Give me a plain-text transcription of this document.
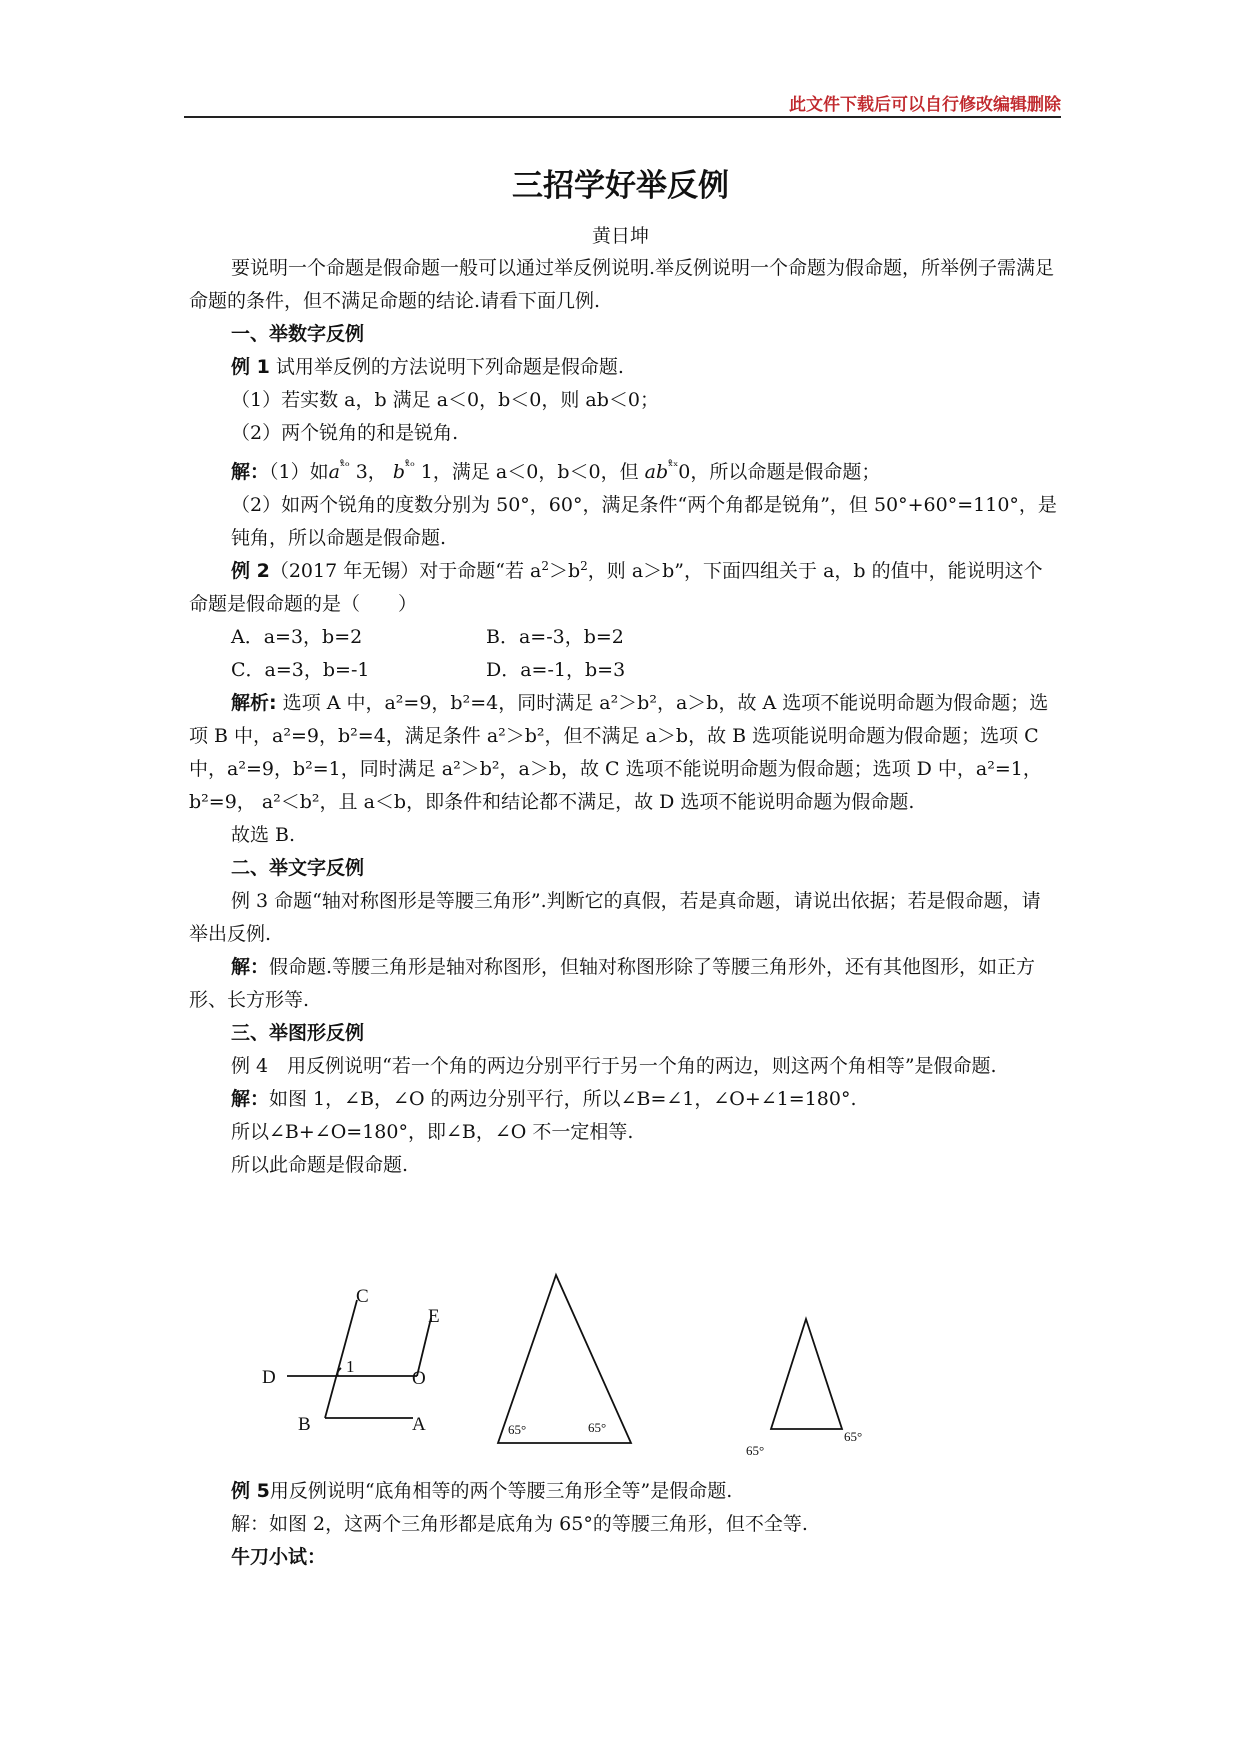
此文件下载后可以自行修改编辑删除
三招学好举反例
黄日坤

要说明一个命题是假命题一般可以通过举反例说明.举反例说明一个命题为假命题，所举例子需满足命题的条件，但不满足命题的结论.请看下面几例.

一、举数字反例

例 1 试用举反例的方法说明下列命题是假命题.

（1）若实数 a，b 满足 a＜0，b＜0，则 ab＜0；

（2）两个锐角的和是锐角.

解：（1）如$a^{ˣ̊ᵒ}$ 3， $b^{ˣ̊ᵒ}$ 1，满足 a＜0，b＜0，但 $ab^{ˣ̊ˣ}0$，所以命题是假命题；

（2）如两个锐角的度数分别为 50°，60°，满足条件“两个角都是锐角”，但 50°+60°=110°，是钝角，所以命题是假命题.

例 2（2017 年无锡）对于命题“若 $a^2>b^2$，则 a＞b”，下面四组关于 a，b 的值中，能说明这个命题是假命题的是（　　）

A．a=3，b=2	B．a=-3，b=2
C．a=3，b=-1	D．a=-1，b=3

解析: 选项 A 中，a²=9，b²=4，同时满足 a²＞b²，a＞b，故 A 选项不能说明命题为假命题；选项 B 中，a²=9，b²=4，满足条件 a²＞b²，但不满足 a＞b，故 B 选项能说明命题为假命题；选项 C 中，a²=9，b²=1，同时满足 a²＞b²，a＞b，故 C 选项不能说明命题为假命题；选项 D 中，a²=1，b²=9， a²＜b²，且 a＜b，即条件和结论都不满足，故 D 选项不能说明命题为假命题.

故选 B.

二、举文字反例

例 3 命题“轴对称图形是等腰三角形”.判断它的真假，若是真命题，请说出依据；若是假命题，请举出反例.

解：假命题.等腰三角形是轴对称图形，但轴对称图形除了等腰三角形外，还有其他图形，如正方形、长方形等.

三、举图形反例

例 4　用反例说明“若一个角的两边分别平行于另一个角的两边，则这两个角相等”是假命题.

解：如图 1，∠B，∠O 的两边分别平行，所以∠B=∠1，∠O+∠1=180°.

所以∠B+∠O=180°，即∠B，∠O 不一定相等.

所以此命题是假命题.

C
E
D
1
O
B	A	65°	65°
65°
65°

例 5用反例说明“底角相等的两个等腰三角形全等”是假命题.

解：如图 2，这两个三角形都是底角为 65°的等腰三角形，但不全等.

牛刀小试：
